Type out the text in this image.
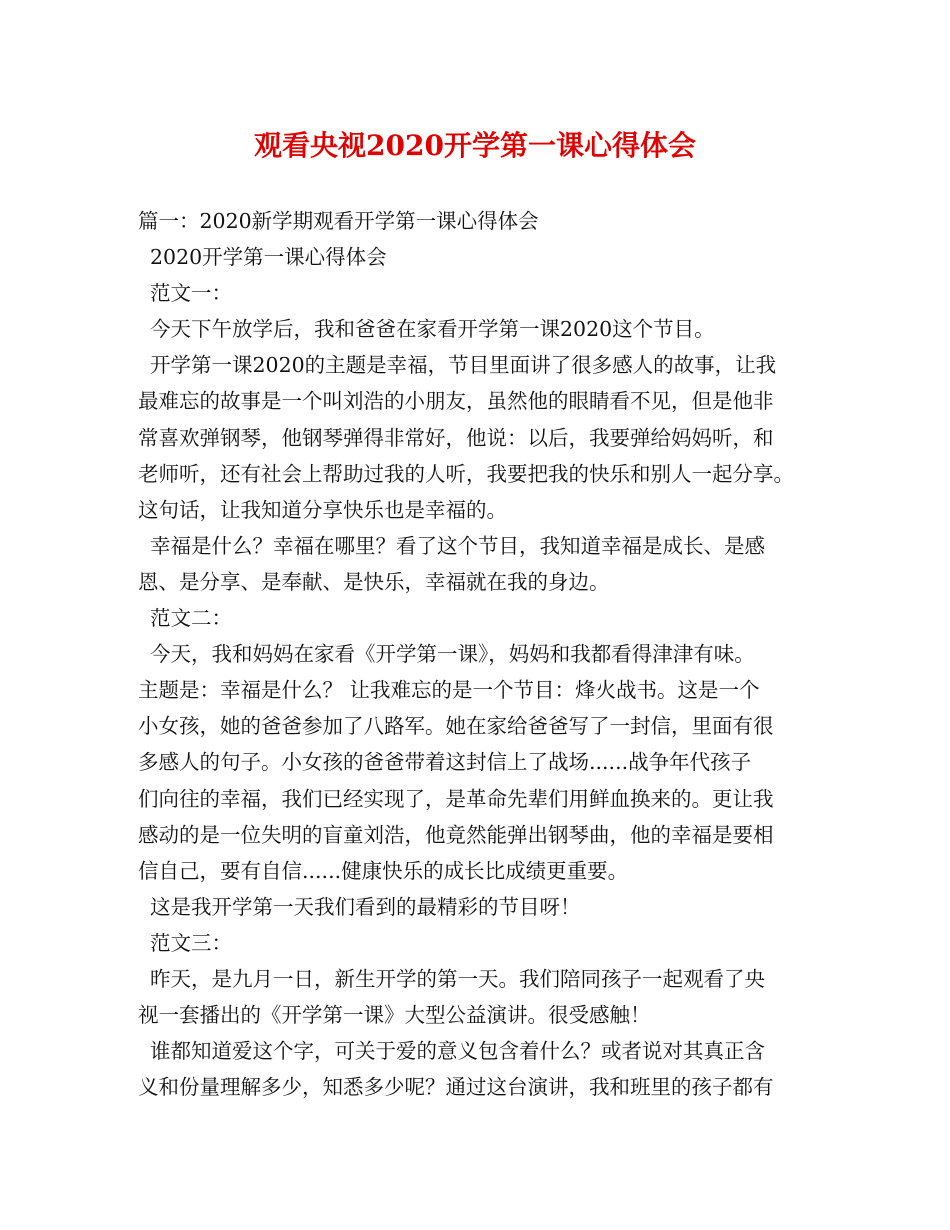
观看央视2020开学第一课心得体会
篇一：2020新学期观看开学第一课心得体会
2020开学第一课心得体会
范文一：
今天下午放学后，我和爸爸在家看开学第一课2020这个节目。
开学第一课2020的主题是幸福，节目里面讲了很多感人的故事，让我
最难忘的故事是一个叫刘浩的小朋友，虽然他的眼睛看不见，但是他非
常喜欢弹钢琴，他钢琴弹得非常好，他说：以后，我要弹给妈妈听，和
老师听，还有社会上帮助过我的人听，我要把我的快乐和别人一起分享。
这句话，让我知道分享快乐也是幸福的。
幸福是什么？幸福在哪里？看了这个节目，我知道幸福是成长、是感
恩、是分享、是奉献、是快乐，幸福就在我的身边。
范文二：
今天，我和妈妈在家看《开学第一课》，妈妈和我都看得津津有味。
主题是：幸福是什么？ 让我难忘的是一个节目：烽火战书。这是一个
小女孩，她的爸爸参加了八路军。她在家给爸爸写了一封信，里面有很
多感人的句子。小女孩的爸爸带着这封信上了战场......战争年代孩子
们向往的幸福，我们已经实现了，是革命先辈们用鲜血换来的。更让我
感动的是一位失明的盲童刘浩，他竟然能弹出钢琴曲，他的幸福是要相
信自己，要有自信......健康快乐的成长比成绩更重要。
这是我开学第一天我们看到的最精彩的节目呀！
范文三：
昨天，是九月一日，新生开学的第一天。我们陪同孩子一起观看了央
视一套播出的《开学第一课》大型公益演讲。很受感触！
谁都知道爱这个字，可关于爱的意义包含着什么？或者说对其真正含
义和份量理解多少，知悉多少呢？通过这台演讲，我和班里的孩子都有
